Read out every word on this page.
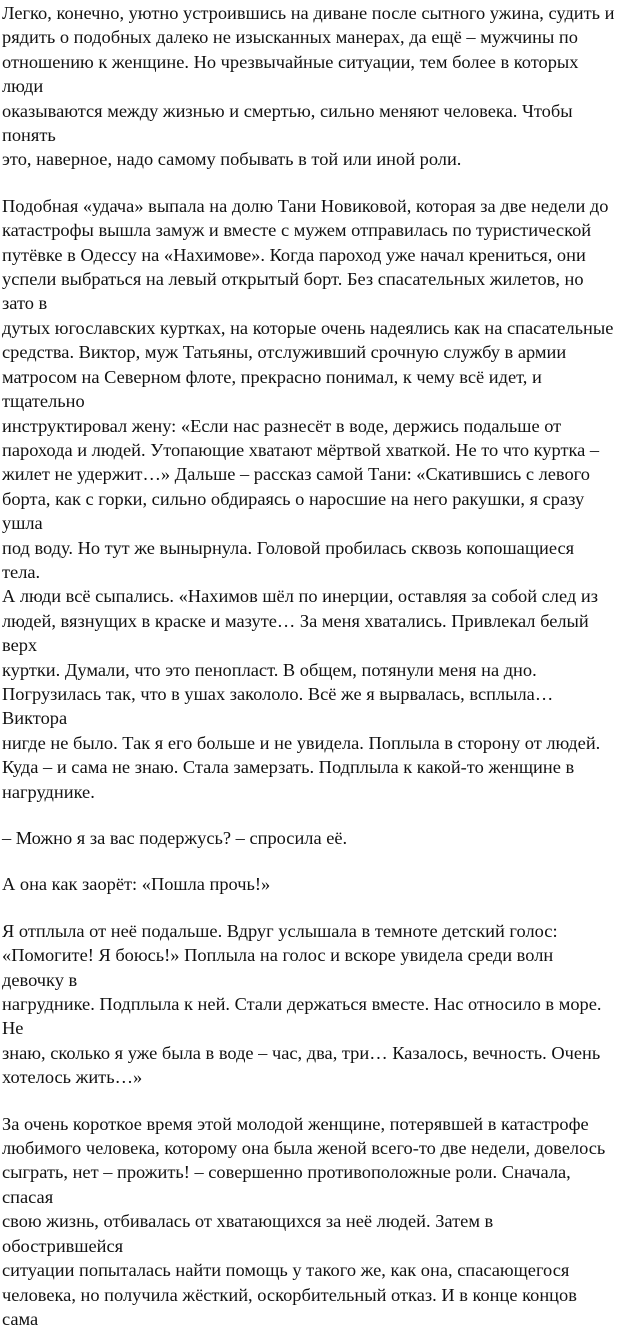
Легко, конечно, уютно устроившись на диване после сытного ужина, судить и
рядить о подобных далеко не изысканных манерах, да ещё – мужчины по
отношению к женщине. Но чрезвычайные ситуации, тем более в которых люди
оказываются между жизнью и смертью, сильно меняют человека. Чтобы понять
это, наверное, надо самому побывать в той или иной роли.

Подобная «удача» выпала на долю Тани Новиковой, которая за две недели до
катастрофы вышла замуж и вместе с мужем отправилась по туристической
путёвке в Одессу на «Нахимове». Когда пароход уже начал крениться, они
успели выбраться на левый открытый борт. Без спасательных жилетов, но зато в
дутых югославских куртках, на которые очень надеялись как на спасательные
средства. Виктор, муж Татьяны, отслуживший срочную службу в армии
матросом на Северном флоте, прекрасно понимал, к чему всё идет, и тщательно
инструктировал жену: «Если нас разнесёт в воде, держись подальше от
парохода и людей. Утопающие хватают мёртвой хваткой. Не то что куртка –
жилет не удержит…» Дальше – рассказ самой Тани: «Скатившись с левого
борта, как с горки, сильно обдираясь о наросшие на него ракушки, я сразу ушла
под воду. Но тут же вынырнула. Головой пробилась сквозь копошащиеся тела.
А люди всё сыпались. «Нахимов шёл по инерции, оставляя за собой след из
людей, вязнущих в краске и мазуте… За меня хватались. Привлекал белый верх
куртки. Думали, что это пенопласт. В общем, потянули меня на дно.
Погрузилась так, что в ушах закололо. Всё же я вырвалась, всплыла… Виктора
нигде не было. Так я его больше и не увидела. Поплыла в сторону от людей.
Куда – и сама не знаю. Стала замерзать. Подплыла к какой-то женщине в
нагруднике.

– Можно я за вас подержусь? – спросила её.

А она как заорёт: «Пошла прочь!»

Я отплыла от неё подальше. Вдруг услышала в темноте детский голос:
«Помогите! Я боюсь!» Поплыла на голос и вскоре увидела среди волн девочку в
нагруднике. Подплыла к ней. Стали держаться вместе. Нас относило в море. Не
знаю, сколько я уже была в воде – час, два, три… Казалось, вечность. Очень
хотелось жить…»

За очень короткое время этой молодой женщине, потерявшей в катастрофе
любимого человека, которому она была женой всего-то две недели, довелось
сыграть, нет – прожить! – совершенно противоположные роли. Сначала, спасая
свою жизнь, отбивалась от хватающихся за неё людей. Затем в обострившейся
ситуации попыталась найти помощь у такого же, как она, спасающегося
человека, но получила жёсткий, оскорбительный отказ. И в конце концов сама
